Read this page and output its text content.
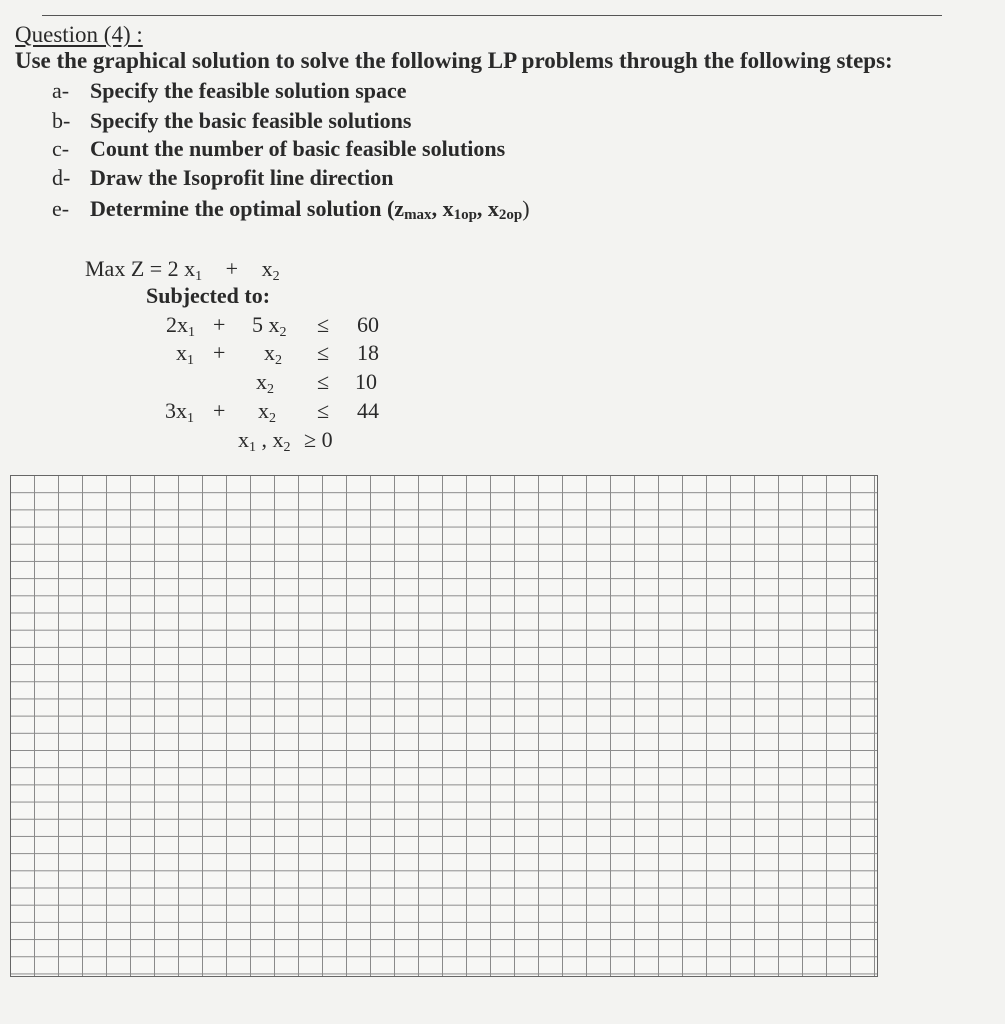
Question (4) :
Use the graphical solution to solve the following LP problems through the following steps:
a- Specify the feasible solution space
b- Specify the basic feasible solutions
c- Count the number of basic feasible solutions
d- Draw the Isoprofit line direction
e- Determine the optimal solution ($z_{max}$, $x_{1op}$, $x_{2op}$)
Max Z = 2 x1 + x2
Subjected to:
2x1 + 5 x2 ≤ 60
x1 + x2 ≤ 18
x2 ≤ 10
3x1 + x2 ≤ 44
x1 , x2 ≥ 0
